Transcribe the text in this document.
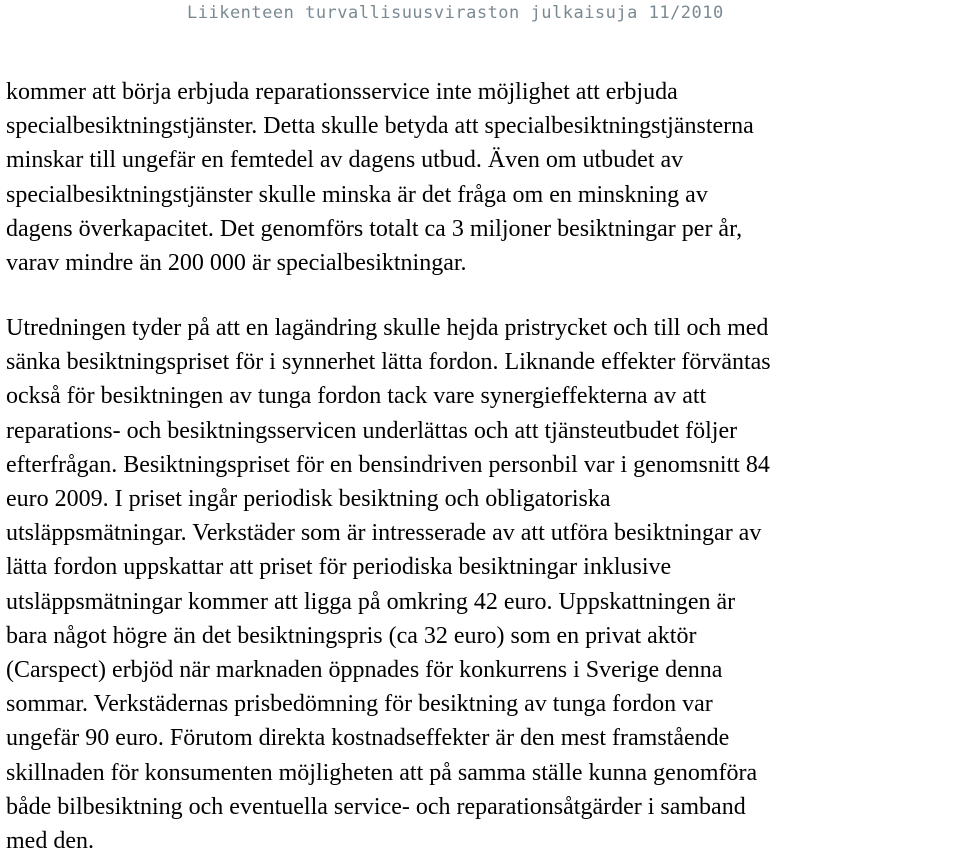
Liikenteen turvallisuusviraston julkaisuja 11/2010
kommer att börja erbjuda reparationsservice inte möjlighet att erbjuda
specialbesiktningstjänster. Detta skulle betyda att specialbesiktningstjänsterna
minskar till ungefär en femtedel av dagens utbud. Även om utbudet av
specialbesiktningstjänster skulle minska är det fråga om en minskning av
dagens överkapacitet. Det genomförs totalt ca 3 miljoner besiktningar per år,
varav mindre än 200 000 är specialbesiktningar.
Utredningen tyder på att en lagändring skulle hejda pristrycket och till och med
sänka besiktningspriset för i synnerhet lätta fordon. Liknande effekter förväntas
också för besiktningen av tunga fordon tack vare synergieffekterna av att
reparations- och besiktningsservicen underlättas och att tjänsteutbudet följer
efterfrågan. Besiktningspriset för en bensindriven personbil var i genomsnitt 84
euro 2009. I priset ingår periodisk besiktning och obligatoriska
utsläppsmätningar. Verkstäder som är intresserade av att utföra besiktningar av
lätta fordon uppskattar att priset för periodiska besiktningar inklusive
utsläppsmätningar kommer att ligga på omkring 42 euro. Uppskattningen är
bara något högre än det besiktningspris (ca 32 euro) som en privat aktör
(Carspect) erbjöd när marknaden öppnades för konkurrens i Sverige denna
sommar. Verkstädernas prisbedömning för besiktning av tunga fordon var
ungefär 90 euro. Förutom direkta kostnadseffekter är den mest framstående
skillnaden för konsumenten möjligheten att på samma ställe kunna genomföra
både bilbesiktning och eventuella service- och reparationsåtgärder i samband
med den.
